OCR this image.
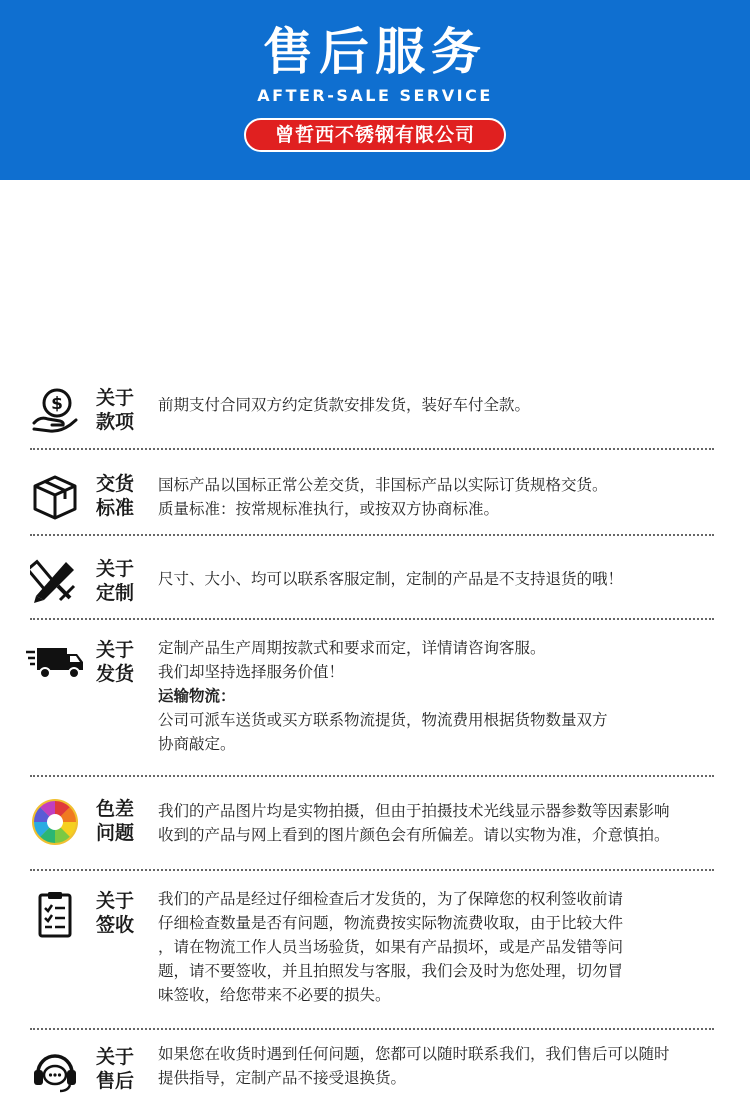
售后服务
AFTER-SALE SERVICE
曾哲西不锈钢有限公司
$ 关于
款项

前期支付合同双方约定货款安排发货，装好车付全款。

交货
标准

国标产品以国标正常公差交货，非国标产品以实际订货规格交货。

质量标准：按常规标准执行，或按双方协商标准。

关于
定制

尺寸、大小、均可以联系客服定制，定制的产品是不支持退货的哦！

关于
发货

定制产品生产周期按款式和要求而定，详情请咨询客服。

我们却坚持选择服务价值！

运输物流：

公司可派车送货或买方联系物流提货，物流费用根据货物数量双方

协商敲定。

色差
问题

我们的产品图片均是实物拍摄，但由于拍摄技术光线显示器参数等因素影响

收到的产品与网上看到的图片颜色会有所偏差。请以实物为准，介意慎拍。

关于
签收

我们的产品是经过仔细检查后才发货的，为了保障您的权利签收前请

仔细检查数量是否有问题，物流费按实际物流费收取，由于比较大件

，请在物流工作人员当场验货，如果有产品损坏，或是产品发错等问

题，请不要签收，并且拍照发与客服，我们会及时为您处理，切勿冒

味签收，给您带来不必要的损失。

关于
售后

如果您在收货时遇到任何问题，您都可以随时联系我们，我们售后可以随时

提供指导，定制产品不接受退换货。
